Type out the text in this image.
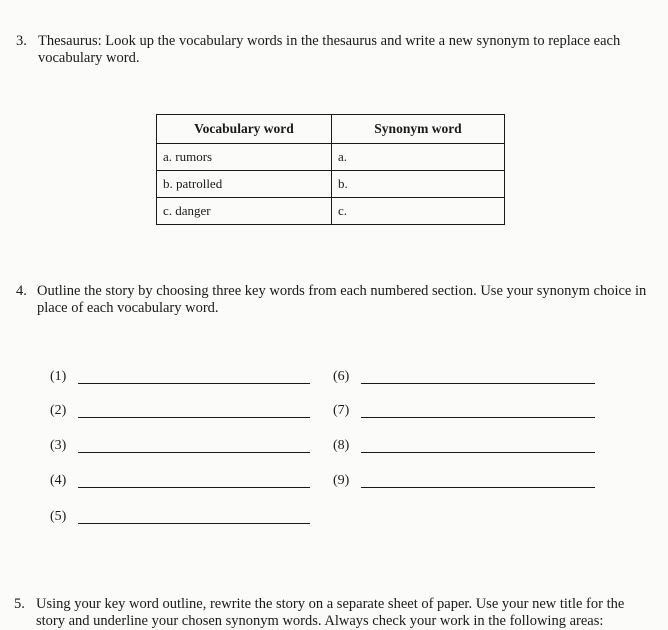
3. Thesaurus: Look up the vocabulary words in the thesaurus and write a new synonym to replace each vocabulary word.
Vocabulary word	Synonym word
a. rumors	a.
b. patrolled	b.
c. danger	c.
4. Outline the story by choosing three key words from each numbered section. Use your synonym choice in place of each vocabulary word.
(1)
(2)
(3)
(4)
(5)
(6)
(7)
(8)
(9)
5. Using your key word outline, rewrite the story on a separate sheet of paper. Use your new title for the story and underline your chosen synonym words. Always check your work in the following areas:
